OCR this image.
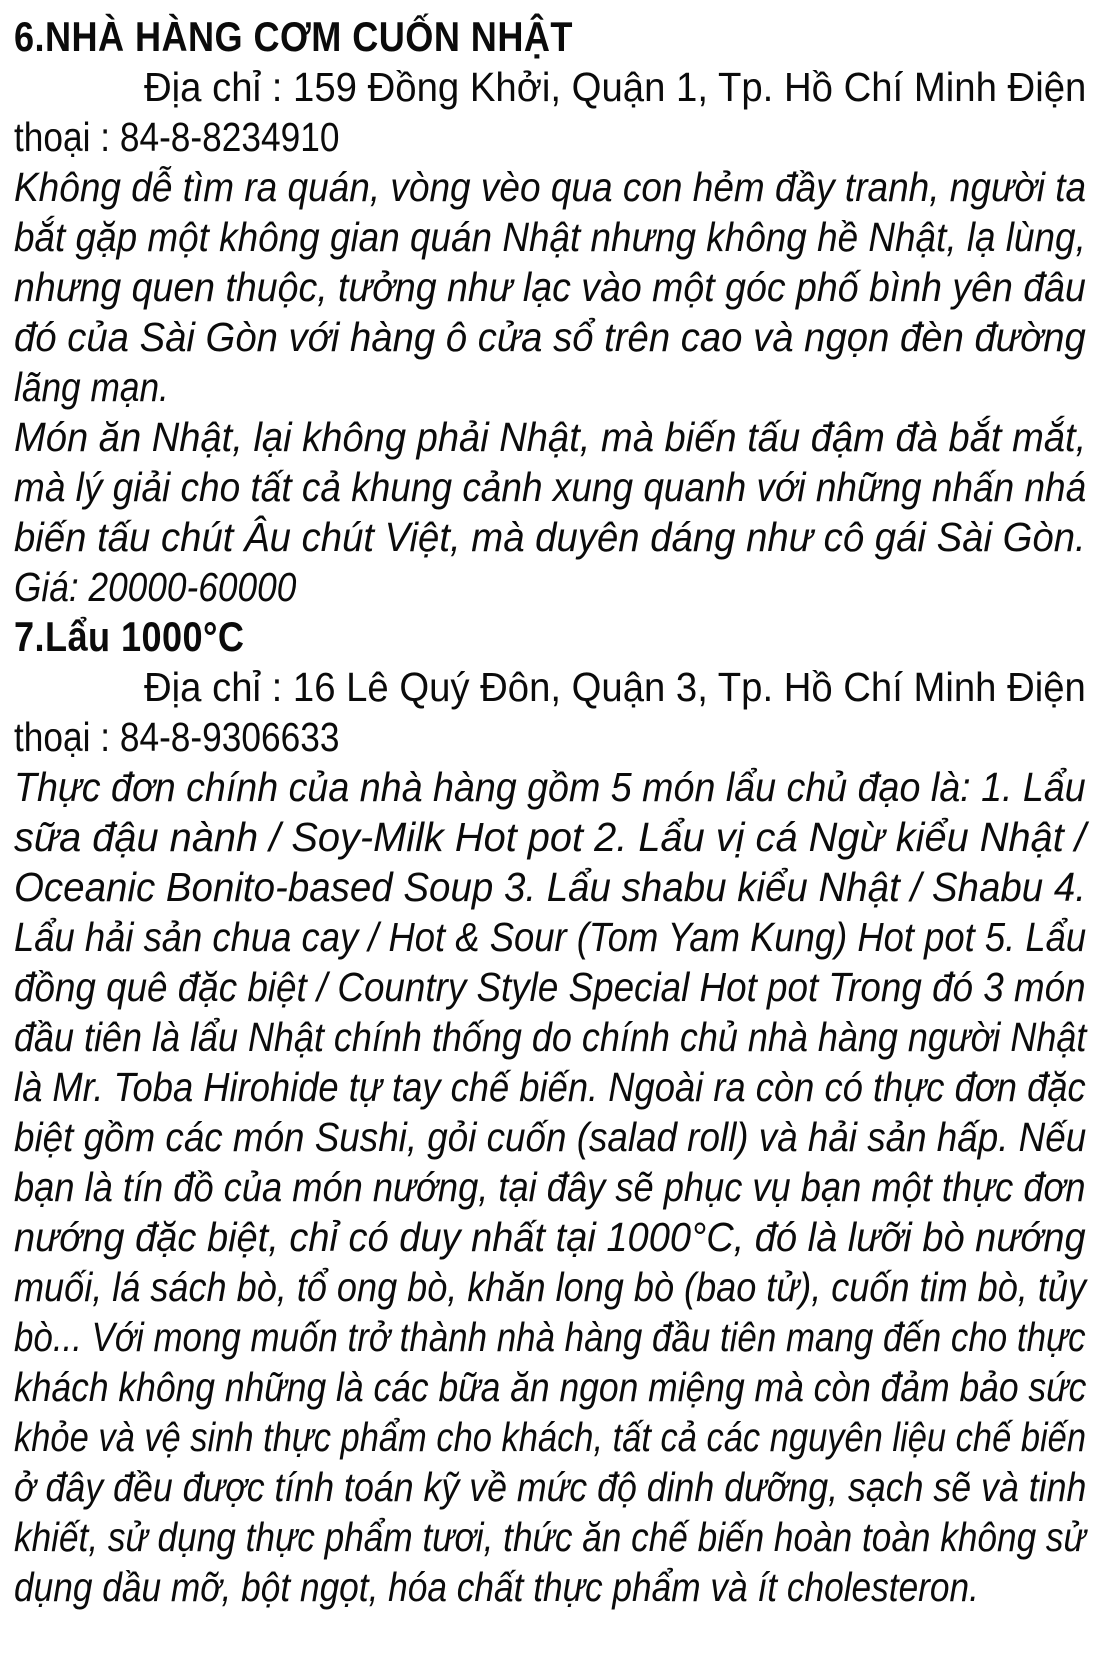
6.NHÀ HÀNG CƠM CUỐN NHẬT
Địa chỉ : 159 Đồng Khởi, Quận 1, Tp. Hồ Chí Minh Điện
thoại : 84-8-8234910
Không dễ tìm ra quán, vòng vèo qua con hẻm đầy tranh, người ta
bắt gặp một không gian quán Nhật nhưng không hề Nhật, lạ lùng,
nhưng quen thuộc, tưởng như lạc vào một góc phố bình yên đâu
đó của Sài Gòn với hàng ô cửa sổ trên cao và ngọn đèn đường
lãng mạn.
Món ăn Nhật, lại không phải Nhật, mà biến tấu đậm đà bắt mắt,
mà lý giải cho tất cả khung cảnh xung quanh với những nhấn nhá
biến tấu chút Âu chút Việt, mà duyên dáng như cô gái Sài Gòn.
Giá: 20000-60000
7.Lẩu 1000°C
Địa chỉ : 16 Lê Quý Đôn, Quận 3, Tp. Hồ Chí Minh Điện
thoại : 84-8-9306633
Thực đơn chính của nhà hàng gồm 5 món lẩu chủ đạo là: 1. Lẩu
sữa đậu nành / Soy-Milk Hot pot 2. Lẩu vị cá Ngừ kiểu Nhật /
Oceanic Bonito-based Soup 3. Lẩu shabu kiểu Nhật / Shabu 4.
Lẩu hải sản chua cay / Hot & Sour (Tom Yam Kung) Hot pot 5. Lẩu
đồng quê đặc biệt / Country Style Special Hot pot Trong đó 3 món
đầu tiên là lẩu Nhật chính thống do chính chủ nhà hàng người Nhật
là Mr. Toba Hirohide tự tay chế biến. Ngoài ra còn có thực đơn đặc
biệt gồm các món Sushi, gỏi cuốn (salad roll) và hải sản hấp. Nếu
bạn là tín đồ của món nướng, tại đây sẽ phục vụ bạn một thực đơn
nướng đặc biệt, chỉ có duy nhất tại 1000°C, đó là lưỡi bò nướng
muối, lá sách bò, tổ ong bò, khăn long bò (bao tử), cuốn tim bò, tủy
bò... Với mong muốn trở thành nhà hàng đầu tiên mang đến cho thực
khách không những là các bữa ăn ngon miệng mà còn đảm bảo sức
khỏe và vệ sinh thực phẩm cho khách, tất cả các nguyên liệu chế biến
ở đây đều được tính toán kỹ về mức độ dinh dưỡng, sạch sẽ và tinh
khiết, sử dụng thực phẩm tươi, thức ăn chế biến hoàn toàn không sử
dụng dầu mỡ, bột ngọt, hóa chất thực phẩm và ít cholesteron.
